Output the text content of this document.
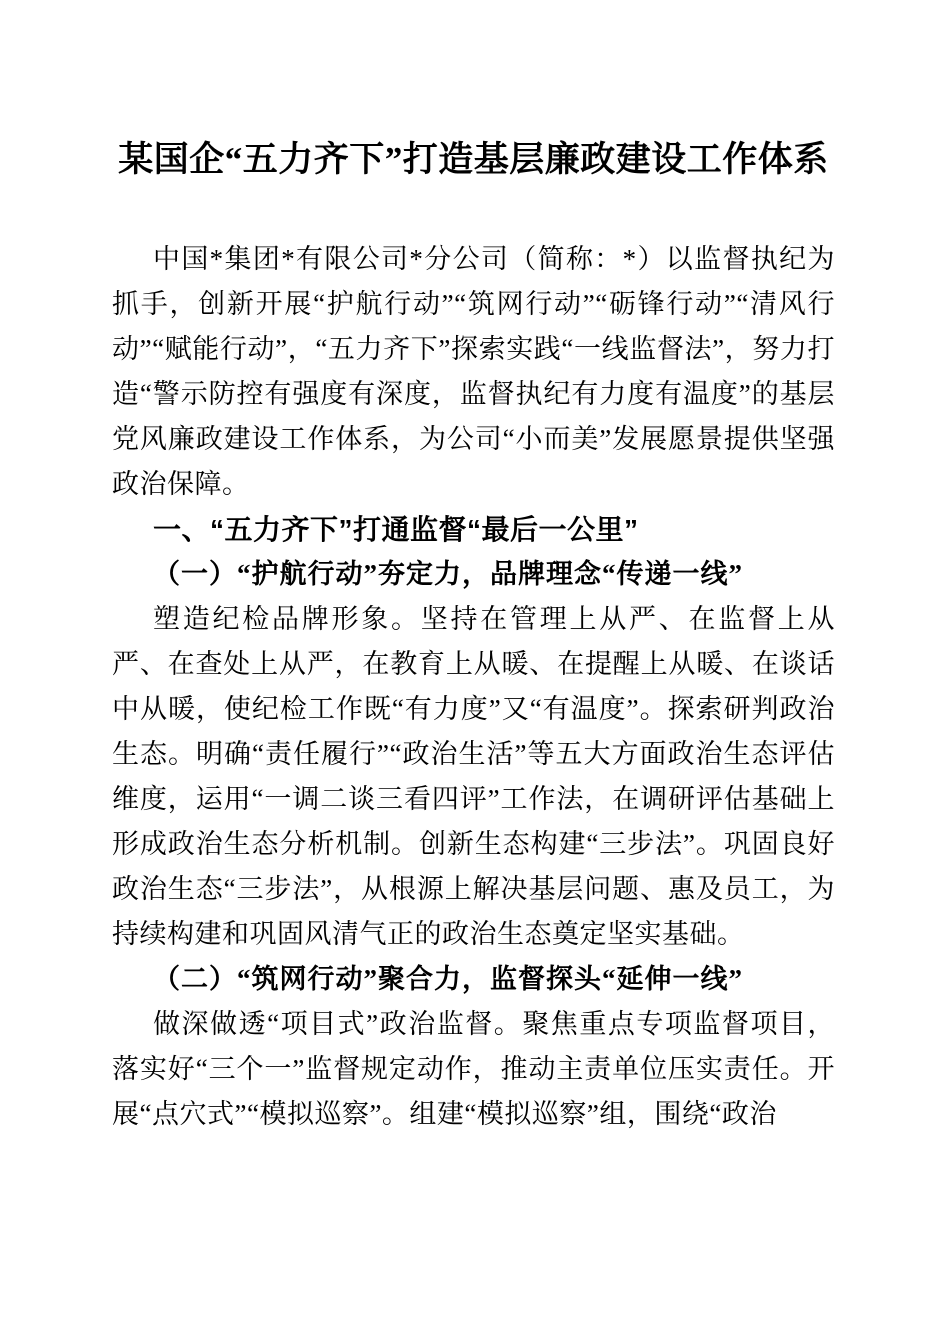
某国企“五力齐下”打造基层廉政建设工作体系

中国*集团*有限公司*分公司（简称：*）以监督执纪为抓手，创新开展“护航行动”“筑网行动”“砺锋行动”“清风行动”“赋能行动”，“五力齐下”探索实践“一线监督法”，努力打造“警示防控有强度有深度，监督执纪有力度有温度”的基层党风廉政建设工作体系，为公司“小而美”发展愿景提供坚强政治保障。

一、“五力齐下”打通监督“最后一公里”
（一）“护航行动”夯定力，品牌理念“传递一线”

塑造纪检品牌形象。坚持在管理上从严、在监督上从严、在查处上从严，在教育上从暖、在提醒上从暖、在谈话中从暖，使纪检工作既“有力度”又“有温度”。探索研判政治生态。明确“责任履行”“政治生活”等五大方面政治生态评估维度，运用“一调二谈三看四评”工作法，在调研评估基础上形成政治生态分析机制。创新生态构建“三步法”。巩固良好政治生态“三步法”，从根源上解决基层问题、惠及员工，为持续构建和巩固风清气正的政治生态奠定坚实基础。

（二）“筑网行动”聚合力，监督探头“延伸一线”

做深做透“项目式”政治监督。聚焦重点专项监督项目，落实好“三个一”监督规定动作，推动主责单位压实责任。开展“点穴式”“模拟巡察”。组建“模拟巡察”组，围绕“政治
